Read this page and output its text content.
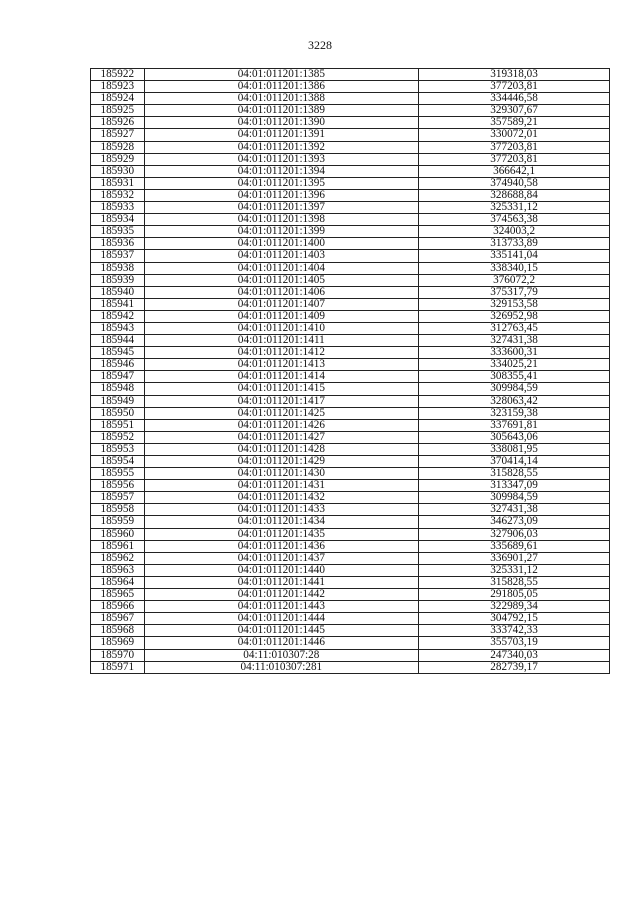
3228
185922	04:01:011201:1385	319318,03
185923	04:01:011201:1386	377203,81
185924	04:01:011201:1388	334446,58
185925	04:01:011201:1389	329307,67
185926	04:01:011201:1390	357589,21
185927	04:01:011201:1391	330072,01
185928	04:01:011201:1392	377203,81
185929	04:01:011201:1393	377203,81
185930	04:01:011201:1394	366642,1
185931	04:01:011201:1395	374940,58
185932	04:01:011201:1396	328688,84
185933	04:01:011201:1397	325331,12
185934	04:01:011201:1398	374563,38
185935	04:01:011201:1399	324003,2
185936	04:01:011201:1400	313733,89
185937	04:01:011201:1403	335141,04
185938	04:01:011201:1404	338340,15
185939	04:01:011201:1405	376072,2
185940	04:01:011201:1406	375317,79
185941	04:01:011201:1407	329153,58
185942	04:01:011201:1409	326952,98
185943	04:01:011201:1410	312763,45
185944	04:01:011201:1411	327431,38
185945	04:01:011201:1412	333600,31
185946	04:01:011201:1413	334025,21
185947	04:01:011201:1414	308355,41
185948	04:01:011201:1415	309984,59
185949	04:01:011201:1417	328063,42
185950	04:01:011201:1425	323159,38
185951	04:01:011201:1426	337691,81
185952	04:01:011201:1427	305643,06
185953	04:01:011201:1428	338081,95
185954	04:01:011201:1429	370414,14
185955	04:01:011201:1430	315828,55
185956	04:01:011201:1431	313347,09
185957	04:01:011201:1432	309984,59
185958	04:01:011201:1433	327431,38
185959	04:01:011201:1434	346273,09
185960	04:01:011201:1435	327906,03
185961	04:01:011201:1436	335689,61
185962	04:01:011201:1437	336901,27
185963	04:01:011201:1440	325331,12
185964	04:01:011201:1441	315828,55
185965	04:01:011201:1442	291805,05
185966	04:01:011201:1443	322989,34
185967	04:01:011201:1444	304792,15
185968	04:01:011201:1445	333742,33
185969	04:01:011201:1446	355703,19
185970	04:11:010307:28	247340,03
185971	04:11:010307:281	282739,17
